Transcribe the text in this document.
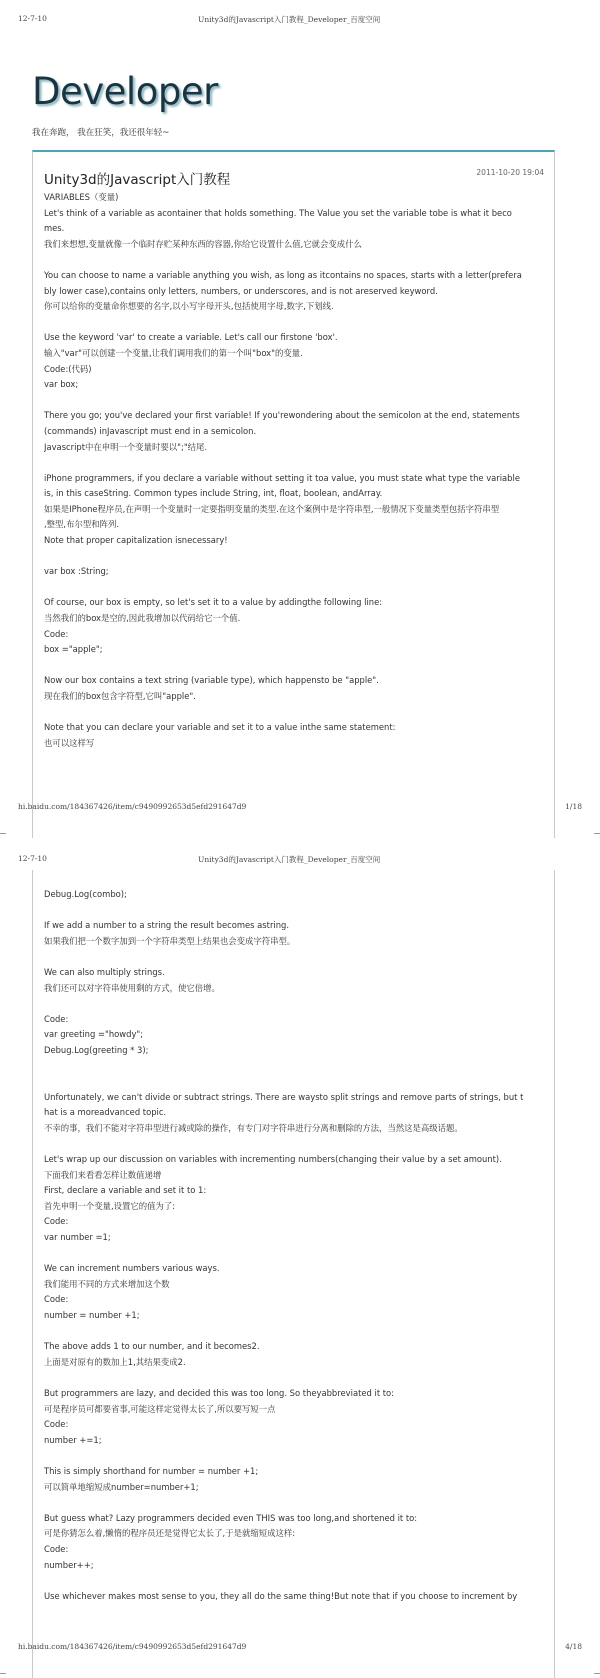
12-7-10	Unity3d的Javascript入门教程_Developer_百度空间
Developer
我在奔跑， 我在狂笑，我还很年轻~
Unity3d的Javascript入门教程	2011-10-20 19:04
VARIABLES（变量)
Let's think of a variable as acontainer that holds something. The Value you set the variable tobe is what it beco
mes.
我们来想想,变量就像一个临时存贮某种东西的容器,你给它设置什么值,它就会变成什么
You can choose to name a variable anything you wish, as long as itcontains no spaces, starts with a letter(prefera
bly lower case),contains only letters, numbers, or underscores, and is not areserved keyword.
你可以给你的变量命你想要的名字,以小写字母开头,包括使用字母,数字,下划线.
Use the keyword 'var' to create a variable. Let's call our firstone 'box'.
输入"var"可以创建一个变量,让我们调用我们的第一个叫"box"的变量.
Code:(代码)
var box;
There you go; you've declared your first variable! If you'rewondering about the semicolon at the end, statements
(commands) inJavascript must end in a semicolon.
Javascript中在申明一个变量时要以";"结尾.
iPhone programmers, if you declare a variable without setting it toa value, you must state what type the variable
is, in this caseString. Common types include String, int, float, boolean, andArray.
如果是IPhone程序员,在声明一个变量时一定要指明变量的类型.在这个案例中是字符串型,一般情况下变量类型包括字符串型
,整型,布尔型和阵列.
Note that proper capitalization isnecessary!
var box :String;
Of course, our box is empty, so let's set it to a value by addingthe following line:
当然我们的box是空的,因此我增加以代码给它一个值.
Code:
box ="apple";
Now our box contains a text string (variable type), which happensto be "apple".
现在我们的box包含字符型,它叫"apple".
Note that you can declare your variable and set it to a value inthe same statement:
也可以这样写
hi.baidu.com/184367426/item/c9490992653d5efd291647d9	1/18
12-7-10	Unity3d的Javascript入门教程_Developer_百度空间
Debug.Log(combo);
If we add a number to a string the result becomes astring.
如果我们把一个数字加到一个字符串类型上结果也会变成字符串型。
We can also multiply strings.
我们还可以对字符串使用剩的方式，使它倍增。
Code:
var greeting ="howdy";
Debug.Log(greeting * 3);
Unfortunately, we can't divide or subtract strings. There are waysto split strings and remove parts of strings, but t
hat is a moreadvanced topic.
不幸的事，我们不能对字符串型进行减或除的操作，有专门对字符串进行分离和删除的方法，当然这是高级话题。
Let's wrap up our discussion on variables with incrementing numbers(changing their value by a set amount).
下面我们来看看怎样让数值递增
First, declare a variable and set it to 1:
首先申明一个变量,设置它的值为了:
Code:
var number =1;
We can increment numbers various ways.
我们能用不同的方式来增加这个数
Code:
number = number +1;
The above adds 1 to our number, and it becomes2.
上面是对原有的数加上1,其结果变成2.
But programmers are lazy, and decided this was too long. So theyabbreviated it to:
可是程序员可都要省事,可能这样定觉得太长了,所以要写短一点
Code:
number +=1;
This is simply shorthand for number = number +1;
可以简单地缩短成number=number+1;
But guess what? Lazy programmers decided even THIS was too long,and shortened it to:
可是你猜怎么着,懒惰的程序员还是觉得它太长了,于是就缩短成这样:
Code:
number++;
Use whichever makes most sense to you, they all do the same thing!But note that if you choose to increment by
hi.baidu.com/184367426/item/c9490992653d5efd291647d9	4/18
